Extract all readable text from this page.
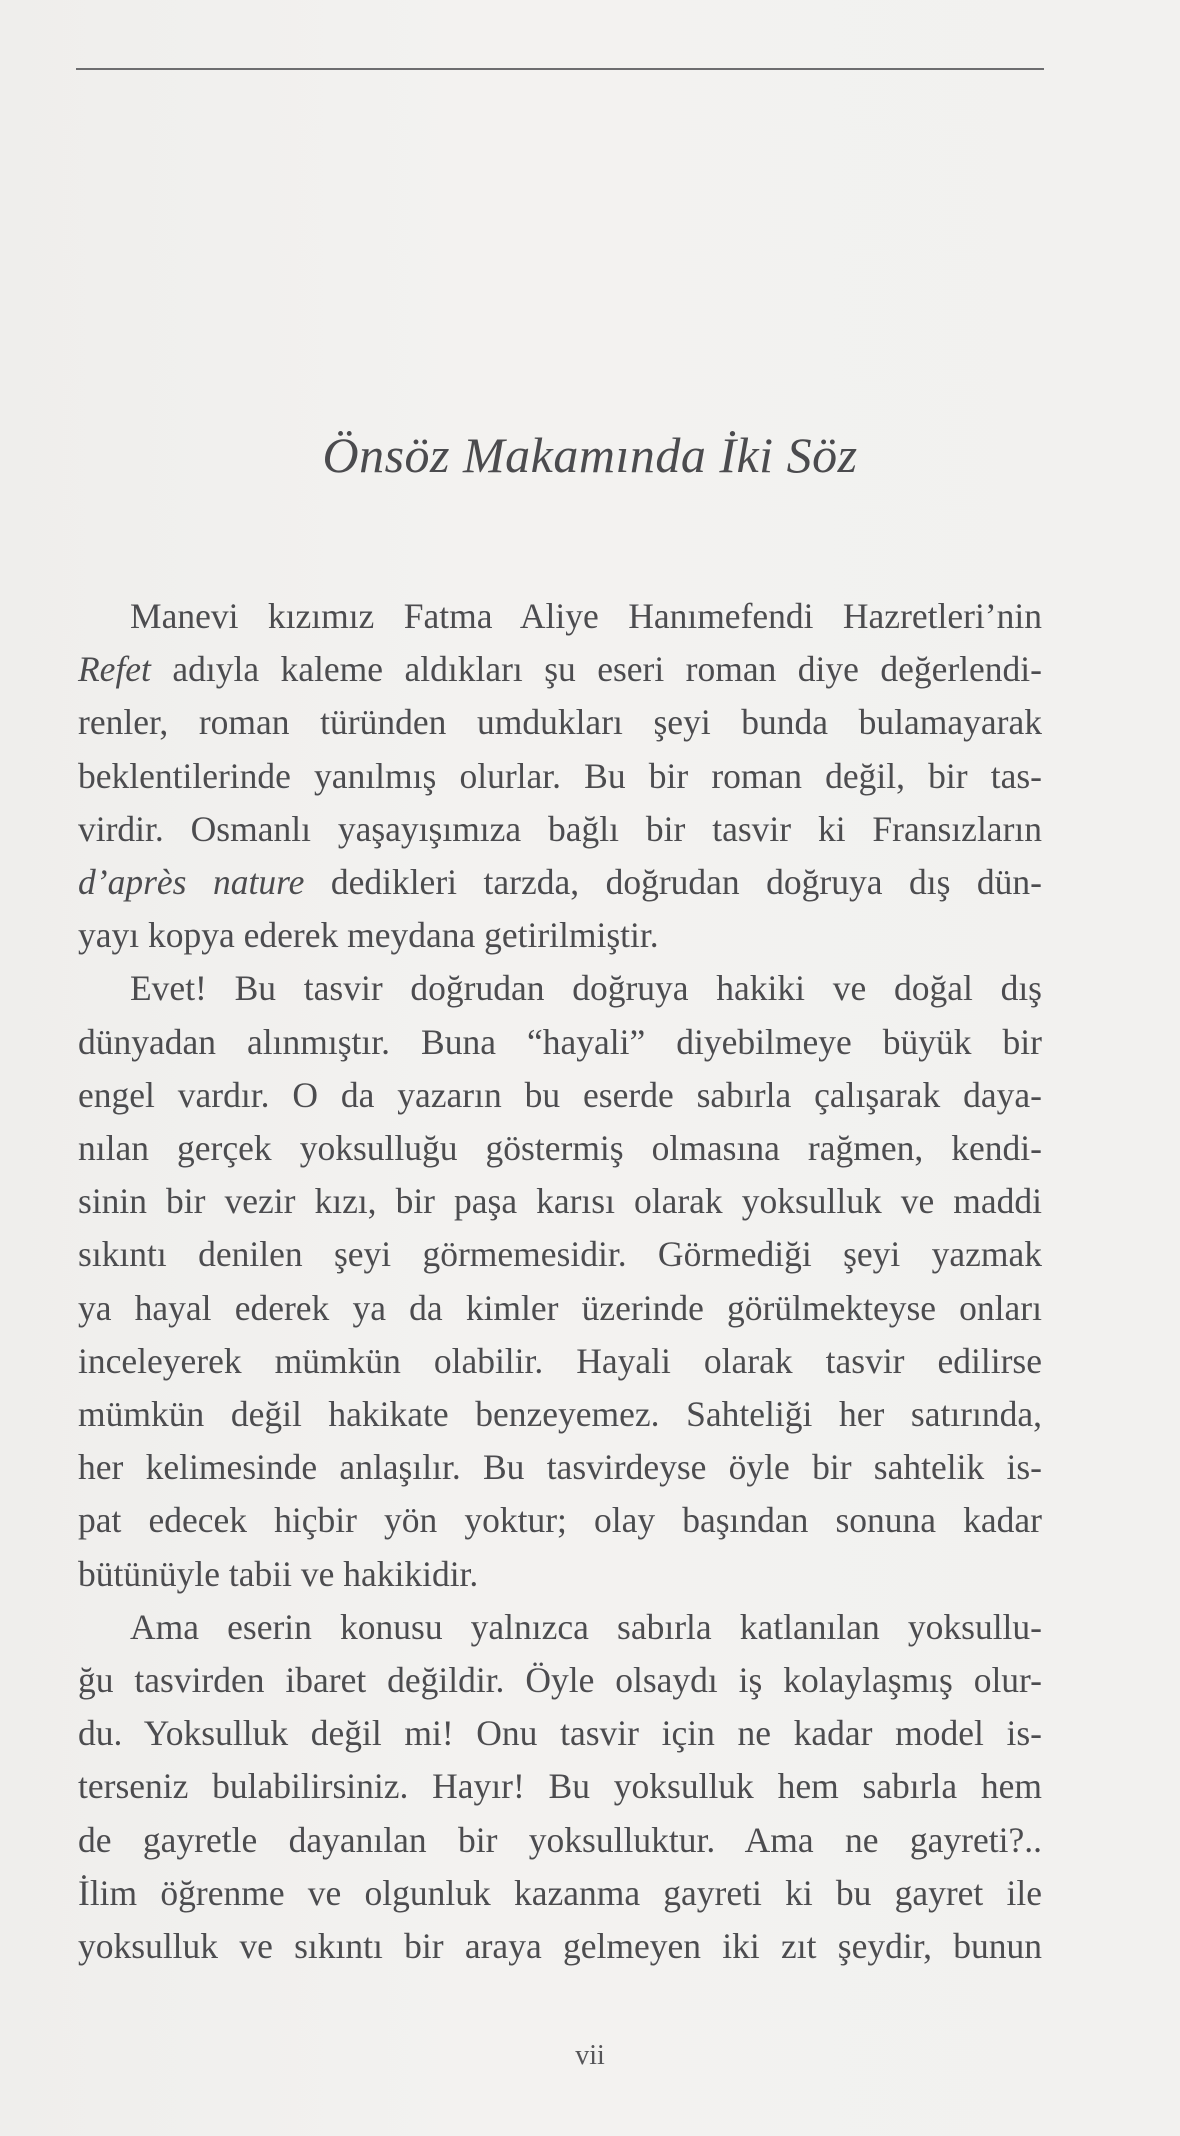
Önsöz Makamında İki Söz

Manevi kızımız Fatma Aliye Hanımefendi Hazretleri’nin
Refet adıyla kaleme aldıkları şu eseri roman diye değerlendi-
renler, roman türünden umdukları şeyi bunda bulamayarak
beklentilerinde yanılmış olurlar. Bu bir roman değil, bir tas-
virdir. Osmanlı yaşayışımıza bağlı bir tasvir ki Fransızların
d’après nature dedikleri tarzda, doğrudan doğruya dış dün-
yayı kopya ederek meydana getirilmiştir.

Evet! Bu tasvir doğrudan doğruya hakiki ve doğal dış
dünyadan alınmıştır. Buna “hayali” diyebilmeye büyük bir
engel vardır. O da yazarın bu eserde sabırla çalışarak daya-
nılan gerçek yoksulluğu göstermiş olmasına rağmen, kendi-
sinin bir vezir kızı, bir paşa karısı olarak yoksulluk ve maddi
sıkıntı denilen şeyi görmemesidir. Görmediği şeyi yazmak
ya hayal ederek ya da kimler üzerinde görülmekteyse onları
inceleyerek mümkün olabilir. Hayali olarak tasvir edilirse
mümkün değil hakikate benzeyemez. Sahteliği her satırında,
her kelimesinde anlaşılır. Bu tasvirdeyse öyle bir sahtelik is-
pat edecek hiçbir yön yoktur; olay başından sonuna kadar
bütünüyle tabii ve hakikidir.

Ama eserin konusu yalnızca sabırla katlanılan yoksullu-
ğu tasvirden ibaret değildir. Öyle olsaydı iş kolaylaşmış olur-
du. Yoksulluk değil mi! Onu tasvir için ne kadar model is-
terseniz bulabilirsiniz. Hayır! Bu yoksulluk hem sabırla hem
de gayretle dayanılan bir yoksulluktur. Ama ne gayreti?..
İlim öğrenme ve olgunluk kazanma gayreti ki bu gayret ile
yoksulluk ve sıkıntı bir araya gelmeyen iki zıt şeydir, bunun

vii
